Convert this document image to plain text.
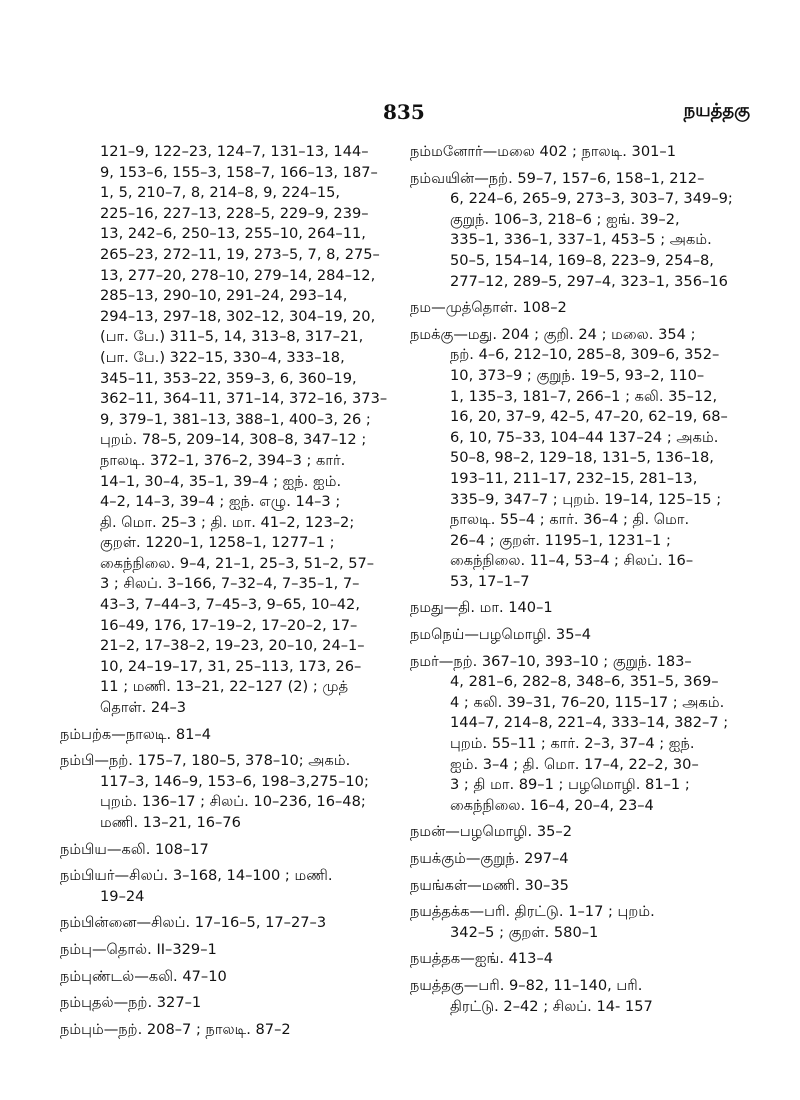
835	நயத்தகு
121–9, 122–23, 124–7, 131–13, 144–
9, 153–6, 155–3, 158–7, 166–13, 187–
1, 5, 210–7, 8, 214–8, 9, 224–15,
225–16, 227–13, 228–5, 229–9, 239–
13, 242–6, 250–13, 255–10, 264–11,
265–23, 272–11, 19, 273–5, 7, 8, 275–
13, 277–20, 278–10, 279–14, 284–12,
285–13, 290–10, 291–24, 293–14,
294–13, 297–18, 302–12, 304–19, 20,
(பா. பே.) 311–5, 14, 313–8, 317–21,
(பா. பே.) 322–15, 330–4, 333–18,
345–11, 353–22, 359–3, 6, 360–19,
362–11, 364–11, 371–14, 372–16, 373–
9, 379–1, 381–13, 388–1, 400–3, 26 ;
புறம். 78–5, 209–14, 308–8, 347–12 ;
நாலடி. 372–1, 376–2, 394–3 ; கார்.
14–1, 30–4, 35–1, 39–4 ; ஐந். ஐம்.
4–2, 14–3, 39–4 ; ஐந். எழு. 14–3 ;
தி. மொ. 25–3 ; தி. மா. 41–2, 123–2;
குறள். 1220–1, 1258–1, 1277–1 ;
கைந்நிலை. 9–4, 21–1, 25–3, 51–2, 57–
3 ; சிலப். 3–166, 7–32–4, 7–35–1, 7–
43–3, 7–44–3, 7–45–3, 9–65, 10–42,
16–49, 176, 17–19–2, 17–20–2, 17–
21–2, 17–38–2, 19–23, 20–10, 24–1–
10, 24–19–17, 31, 25–113, 173, 26–
11 ; மணி. 13–21, 22–127 (2) ; முத்
தொள். 24–3
நம்பற்க—நாலடி. 81–4
நம்பி—நற். 175–7, 180–5, 378–10; அகம்.
117–3, 146–9, 153–6, 198–3,275–10;
புறம். 136–17 ; சிலப். 10–236, 16–48;
மணி. 13–21, 16–76
நம்பிய—கலி. 108–17
நம்பியர்—சிலப். 3–168, 14–100 ; மணி.
19–24
நம்பின்னை—சிலப். 17–16–5, 17–27–3
நம்பு—தொல். II–329–1
நம்புண்டல்—கலி. 47–10
நம்புதல்—நற். 327–1
நம்பும்—நற். 208–7 ; நாலடி. 87–2
நம்மனோர்—மலை 402 ; நாலடி. 301–1
நம்வயின்—நற். 59–7, 157–6, 158–1, 212–
6, 224–6, 265–9, 273–3, 303–7, 349–9;
குறுந். 106–3, 218–6 ; ஐங். 39–2,
335–1, 336–1, 337–1, 453–5 ; அகம்.
50–5, 154–14, 169–8, 223–9, 254–8,
277–12, 289–5, 297–4, 323–1, 356–16
நம—முத்தொள். 108–2
நமக்கு—மது. 204 ; குறி. 24 ; மலை. 354 ;
நற். 4–6, 212–10, 285–8, 309–6, 352–
10, 373–9 ; குறுந். 19–5, 93–2, 110–
1, 135–3, 181–7, 266–1 ; கலி. 35–12,
16, 20, 37–9, 42–5, 47–20, 62–19, 68–
6, 10, 75–33, 104–44 137–24 ; அகம்.
50–8, 98–2, 129–18, 131–5, 136–18,
193–11, 211–17, 232–15, 281–13,
335–9, 347–7 ; புறம். 19–14, 125–15 ;
நாலடி. 55–4 ; கார். 36–4 ; தி. மொ.
26–4 ; குறள். 1195–1, 1231–1 ;
கைந்நிலை. 11–4, 53–4 ; சிலப். 16–
53, 17–1–7
நமது—தி. மா. 140–1
நமநெய்—பழமொழி. 35–4
நமர்—நற். 367–10, 393–10 ; குறுந். 183–
4, 281–6, 282–8, 348–6, 351–5, 369–
4 ; கலி. 39–31, 76–20, 115–17 ; அகம்.
144–7, 214–8, 221–4, 333–14, 382–7 ;
புறம். 55–11 ; கார். 2–3, 37–4 ; ஐந்.
ஐம். 3–4 ; தி. மொ. 17–4, 22–2, 30–
3 ; தி மா. 89–1 ; பழமொழி. 81–1 ;
கைந்நிலை. 16–4, 20–4, 23–4
நமன்—பழமொழி. 35–2
நயக்கும்—குறுந். 297–4
நயங்கள்—மணி. 30–35
நயத்தக்க—பரி. திரட்டு. 1–17 ; புறம்.
342–5 ; குறள். 580–1
நயத்தக—ஐங். 413–4
நயத்தகு—பரி. 9–82, 11–140, பரி.
திரட்டு. 2–42 ; சிலப். 14- 157
